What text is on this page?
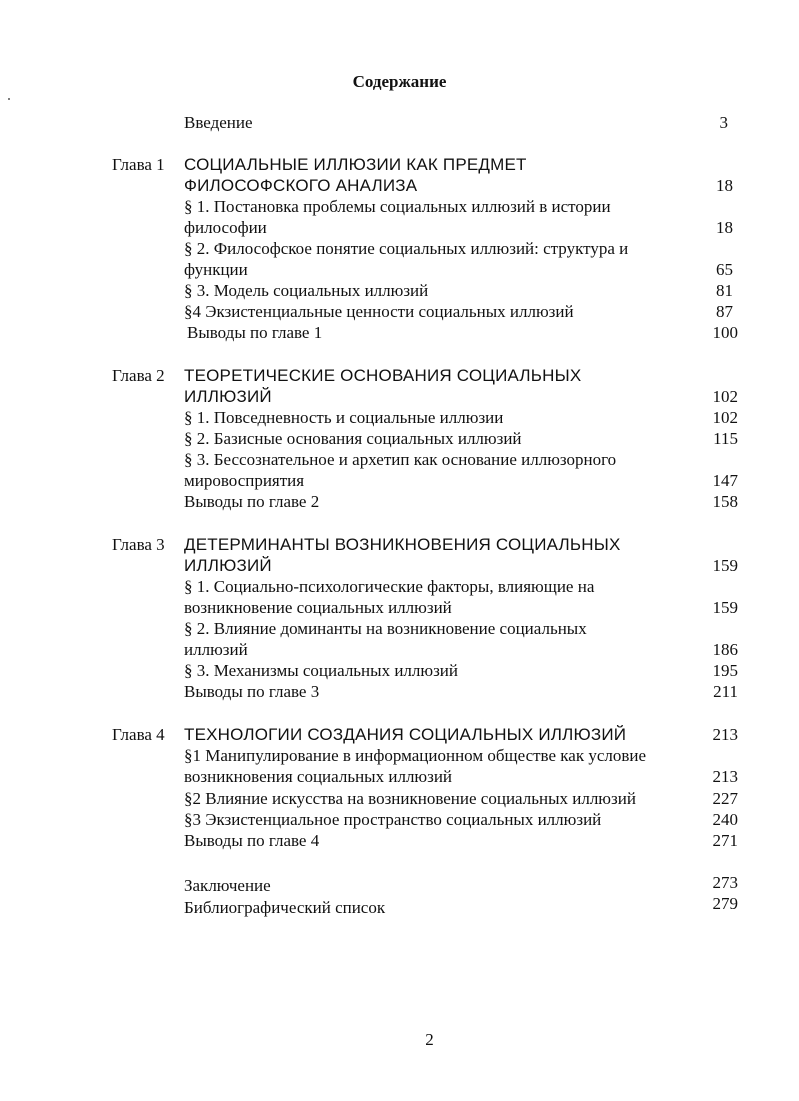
Содержание
Введение	3
Глава 1 СОЦИАЛЬНЫЕ ИЛЛЮЗИИ КАК ПРЕДМЕТ
ФИЛОСОФСКОГО АНАЛИЗА	18
§ 1. Постановка проблемы социальных иллюзий в истории
философии	18
§ 2. Философское понятие социальных иллюзий: структура и
функции	65
§ 3. Модель социальных иллюзий	81
§4 Экзистенциальные ценности социальных иллюзий	87
Выводы по главе 1	100
Глава 2 ТЕОРЕТИЧЕСКИЕ ОСНОВАНИЯ СОЦИАЛЬНЫХ
ИЛЛЮЗИЙ	102
§ 1. Повседневность и социальные иллюзии	102
§ 2. Базисные основания социальных иллюзий	115
§ 3. Бессознательное и архетип как основание иллюзорного
мировосприятия	147
Выводы по главе 2	158
Глава 3 ДЕТЕРМИНАНТЫ ВОЗНИКНОВЕНИЯ СОЦИАЛЬНЫХ
ИЛЛЮЗИЙ	159
§ 1. Социально-психологические факторы, влияющие на
возникновение социальных иллюзий	159
§ 2. Влияние доминанты на возникновение социальных
иллюзий	186
§ 3. Механизмы социальных иллюзий	195
Выводы по главе 3	211
Глава 4 ТЕХНОЛОГИИ СОЗДАНИЯ СОЦИАЛЬНЫХ ИЛЛЮЗИЙ	213
§1 Манипулирование в информационном обществе как условие
возникновения социальных иллюзий	213
§2 Влияние искусства на возникновение социальных иллюзий	227
§3 Экзистенциальное пространство социальных иллюзий	240
Выводы по главе 4	271
Заключение	273
Библиографический список	279
2
